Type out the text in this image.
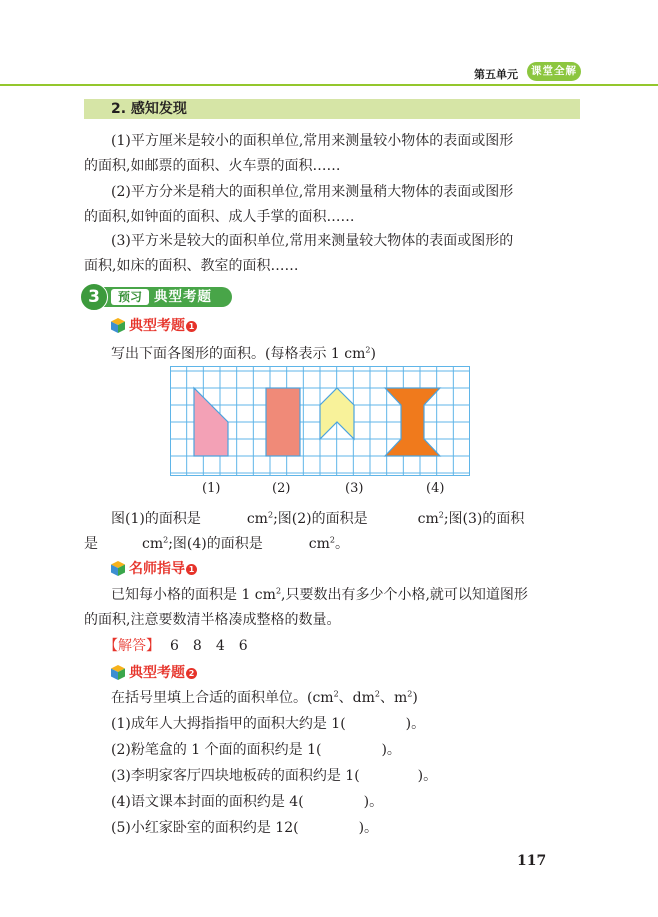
第五单元	课堂全解
2. 感知发现
(1)平方厘米是较小的面积单位,常用来测量较小物体的表面或图形
的面积,如邮票的面积、火车票的面积……
(2)平方分米是稍大的面积单位,常用来测量稍大物体的表面或图形
的面积,如钟面的面积、成人手掌的面积……
(3)平方米是较大的面积单位,常用来测量较大物体的表面或图形的
面积,如床的面积、教室的面积……
3	预习 典型考题
典型考题 1
写出下面各图形的面积。(每格表示 1 $cm^2$)
(1)	(2)	(3)	(4)
图(1)的面积是	$cm^2$;图(2)的面积是	$cm^2$;图(3)的面积
是	$cm^2$;图(4)的面积是	$cm^2$。
名师指导 1
已知每小格的面积是 1 $cm^2$,只要数出有多少个小格,就可以知道图形
的面积,注意要数清半格凑成整格的数量。
【解答】 6　8　4　6
典型考题 2
在括号里填上合适的面积单位。($cm^2$、$dm^2$、$m^2$)
(1)成年人大拇指指甲的面积大约是 1(	)。
(2)粉笔盒的 1 个面的面积约是 1(	)。
(3)李明家客厅四块地板砖的面积约是 1(	)。
(4)语文课本封面的面积约是 4(	)。
(5)小红家卧室的面积约是 12(	)。
117
